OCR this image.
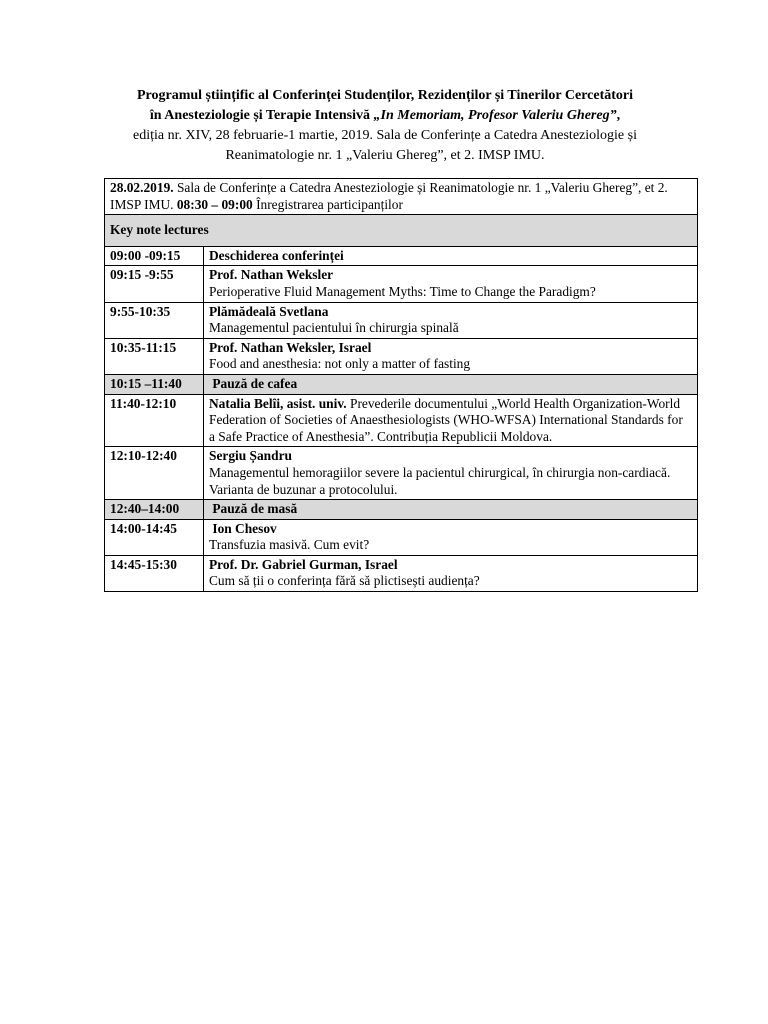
Programul științific al Conferinței Studenților, Rezidenților și Tinerilor Cercetători
în Anesteziologie și Terapie Intensivă „In Memoriam, Profesor Valeriu Ghereg”,
ediția nr. XIV, 28 februarie-1 martie, 2019. Sala de Conferințe a Catedra Anesteziologie și
Reanimatologie nr. 1 „Valeriu Ghereg”, et 2. IMSP IMU.
28.02.2019. Sala de Conferințe a Catedra Anesteziologie și Reanimatologie nr. 1 „Valeriu Ghereg”, et 2. IMSP IMU. 08:30 – 09:00 Înregistrarea participanților	
Key note lectures	
09:00 -09:15	Deschiderea conferinței
09:15 -9:55	Prof. Nathan Weksler
Perioperative Fluid Management Myths: Time to Change the Paradigm?

9:55-10:35	Plămădeală Svetlana
Managementul pacientului în chirurgia spinală

10:35-11:15	Prof. Nathan Weksler, Israel
Food and anesthesia: not only a matter of fasting

10:15 –11:40	Pauză de cafea
11:40-12:10	Natalia Belîi, asist. univ. Prevederile documentului „World Health Organization-World Federation of Societies of Anaesthesiologists (WHO-WFSA) International Standards for a Safe Practice of Anesthesia”. Contribuția Republicii Moldova.
12:10-12:40	Sergiu Șandru
Managementul hemoragiilor severe la pacientul chirurgical, în chirurgia non-cardiacă. Varianta de buzunar a protocolului.

12:40–14:00	Pauză de masă
14:00-14:45	Ion Chesov
Transfuzia masivă. Cum evit?

14:45-15:30	Prof. Dr. Gabriel Gurman, Israel
Cum să ții o conferința fără să plictisești audiența?
